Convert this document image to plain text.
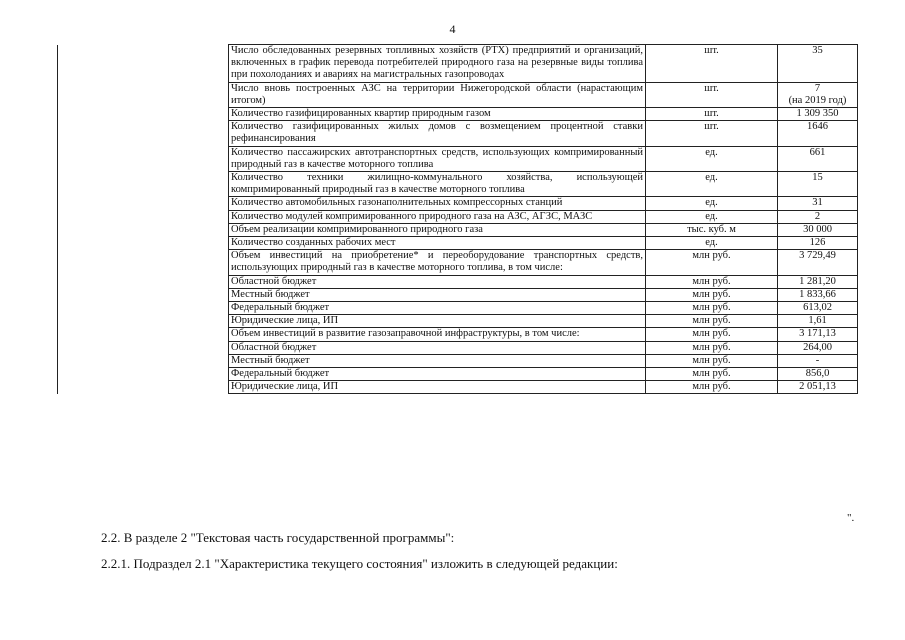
4
	Число обследованных резервных топливных хозяйств (РТХ) предприятий и организаций, включенных в график перевода потребителей природного газа на резервные виды топлива при похолоданиях и авариях на магистральных газопроводах	шт.	35
	Число вновь построенных АЗС на территории Нижегородской области (нарастающим итогом)	шт.	7
(на 2019 год)
	Количество газифицированных квартир природным газом	шт.	1 309 350
	Количество газифицированных жилых домов с возмещением процентной ставки рефинансирования	шт.	1646
	Количество пассажирских автотранспортных средств, использующих компримированный природный газ в качестве моторного топлива	ед.	661
	Количество техники жилищно-коммунального хозяйства, использующей компримированный природный газ в качестве моторного топлива	ед.	15
	Количество автомобильных газонаполнительных компрессорных станций	ед.	31
	Количество модулей компримированного природного газа на АЗС, АГЗС, МАЗС	ед.	2
	Объем реализации компримированного природного газа	тыс. куб. м	30 000
	Количество созданных рабочих мест	ед.	126
	Объем инвестиций на приобретение* и переоборудование транспортных средств, использующих природный газ в качестве моторного топлива, в том числе:	млн руб.	3 729,49
	Областной бюджет	млн руб.	1 281,20
	Местный бюджет	млн руб.	1 833,66
	Федеральный бюджет	млн руб.	613,02
	Юридические лица, ИП	млн руб.	1,61
	Объем инвестиций в развитие газозаправочной инфраструктуры, в том числе:	млн руб.	3 171,13
	Областной бюджет	млн руб.	264,00
	Местный бюджет	млн руб.	-
	Федеральный бюджет	млн руб.	856,0
	Юридические лица, ИП	млн руб.	2 051,13
".
2.2. В разделе 2 "Текстовая часть государственной программы":
2.2.1. Подраздел 2.1 "Характеристика текущего состояния" изложить в следующей редакции:
